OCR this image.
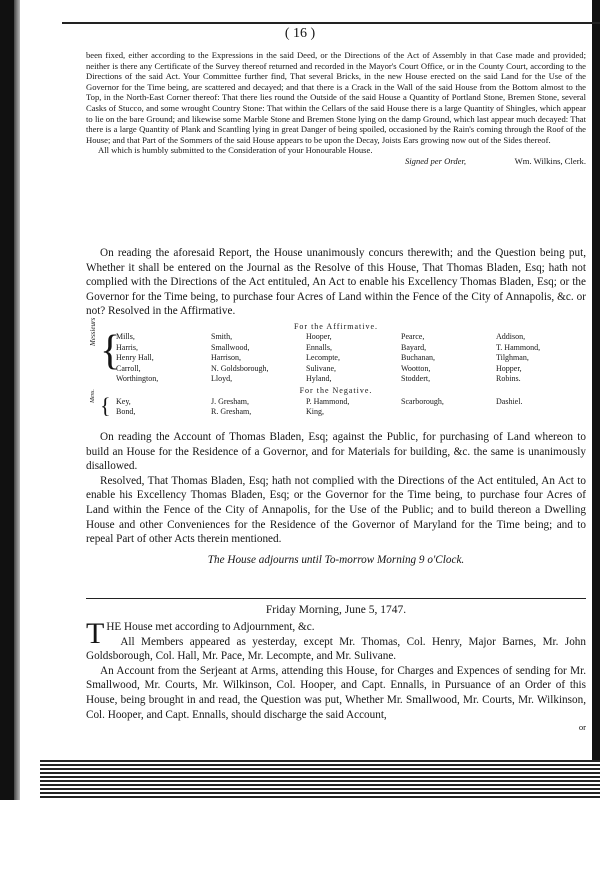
( 16 )

been fixed, either according to the Expressions in the said Deed, or the Directions of the Act of Assembly in that Case made and provided; neither is there any Certificate of the Survey thereof returned and recorded in the Mayor's Court Office, or in the County Court, according to the Directions of the said Act. Your Committee further find, That several Bricks, in the new House erected on the said Land for the Use of the Governor for the Time being, are scattered and decayed; and that there is a Crack in the Wall of the said House from the Bottom almost to the Top, in the North-East Corner thereof: That there lies round the Outside of the said House a Quantity of Portland Stone, Bremen Stone, several Casks of Stucco, and some wrought Country Stone: That within the Cellars of the said House there is a large Quantity of Shingles, which appear to lie on the bare Ground; and likewise some Marble Stone and Bremen Stone lying on the damp Ground, which last appear much decayed: That there is a large Quantity of Plank and Scantling lying in great Danger of being spoiled, occasioned by the Rain's coming through the Roof of the House; and that Part of the Sommers of the said House appears to be upon the Decay, Joists Ears growing now out of the Sides thereof.

All which is humbly submitted to the Consideration of your Honourable House.

Signed per Order,	Wm. Wilkins, Clerk.

On reading the aforesaid Report, the House unanimously concurs therewith; and the Question being put, Whether it shall be entered on the Journal as the Resolve of this House, That Thomas Bladen, Esq; hath not complied with the Directions of the Act entituled, An Act to enable his Excellency Thomas Bladen, Esq; or the Governor for the Time being, to purchase four Acres of Land within the Fence of the City of Annapolis, &c. or not? Resolved in the Affirmative.

For the Affirmative.
Messieurs {
Mills,
Harris,
Henry Hall,
Carroll,
Worthington,
Smith,
Smallwood,
Harrison,
N. Goldsborough,
Lloyd,
Hooper,
Ennalls,
Lecompte,
Sulivane,
Hyland,
Pearce,
Bayard,
Buchanan,
Wootton,
Stoddert,
Addison,
T. Hammond,
Tilghman,
Hopper,
Robins.
For the Negative.
Mess. { Key,
Bond,
J. Gresham,
R. Gresham,
P. Hammond,
King,
Scarborough,	Dashiel.

On reading the Account of Thomas Bladen, Esq; against the Public, for purchasing of Land whereon to build an House for the Residence of a Governor, and for Materials for building, &c. the same is unanimously disallowed.

Resolved, That Thomas Bladen, Esq; hath not complied with the Directions of the Act entituled, An Act to enable his Excellency Thomas Bladen, Esq; or the Governor for the Time being, to purchase four Acres of Land within the Fence of the City of Annapolis, for the Use of the Public; and to build thereon a Dwelling House and other Conveniences for the Residence of the Governor of Maryland for the Time being; and to repeal Part of other Acts therein mentioned.

The House adjourns until To-morrow Morning 9 o'Clock.
Friday Morning, June 5, 1747.

THE House met according to Adjournment, &c.

All Members appeared as yesterday, except Mr. Thomas, Col. Henry, Major Barnes, Mr. John Goldsborough, Col. Hall, Mr. Pace, Mr. Lecompte, and Mr. Sulivane.

An Account from the Serjeant at Arms, attending this House, for Charges and Expences of sending for Mr. Smallwood, Mr. Courts, Mr. Wilkinson, Col. Hooper, and Capt. Ennalls, in Pursuance of an Order of this House, being brought in and read, the Question was put, Whether Mr. Smallwood, Mr. Courts, Mr. Wilkinson, Col. Hooper, and Capt. Ennalls, should discharge the said Account,

or
